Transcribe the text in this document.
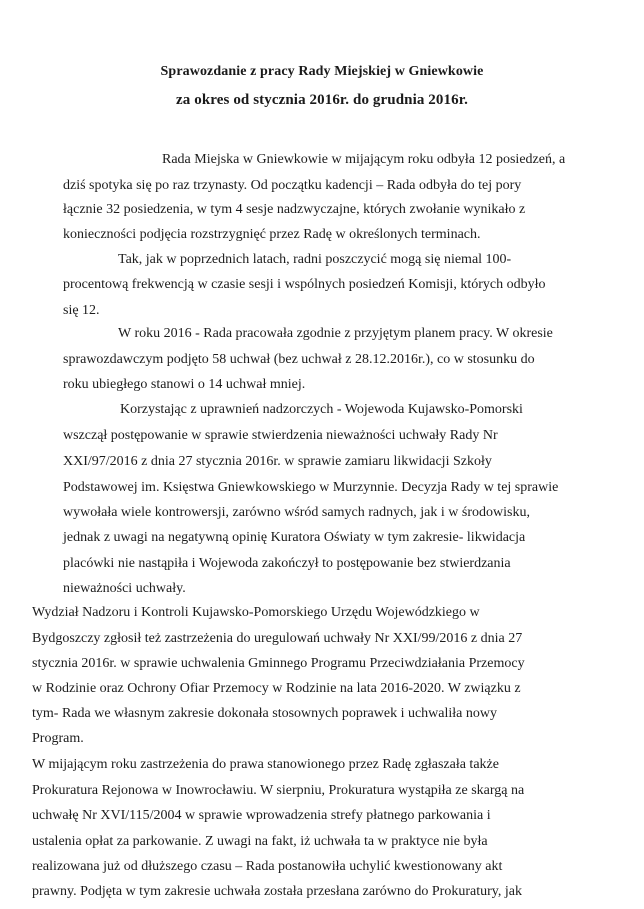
Sprawozdanie z pracy Rady Miejskiej w Gniewkowie
za okres od stycznia 2016r. do grudnia 2016r.
Rada Miejska w Gniewkowie w mijającym roku odbyła 12 posiedzeń, a
dziś spotyka się po raz trzynasty. Od początku kadencji – Rada odbyła do tej pory
łącznie 32 posiedzenia, w tym 4 sesje nadzwyczajne, których zwołanie wynikało z
konieczności podjęcia rozstrzygnięć przez Radę w określonych terminach.
Tak, jak w poprzednich latach, radni poszczycić mogą się niemal 100-
procentową frekwencją w czasie sesji i wspólnych posiedzeń Komisji, których odbyło
się 12.
W roku 2016 - Rada pracowała zgodnie z przyjętym planem pracy. W okresie
sprawozdawczym podjęto 58 uchwał (bez uchwał z 28.12.2016r.), co w stosunku do
roku ubiegłego stanowi o 14 uchwał mniej.
Korzystając z uprawnień nadzorczych - Wojewoda Kujawsko-Pomorski
wszczął postępowanie w sprawie stwierdzenia nieważności uchwały Rady Nr
XXI/97/2016 z dnia 27 stycznia 2016r. w sprawie zamiaru likwidacji Szkoły
Podstawowej im. Księstwa Gniewkowskiego w Murzynnie. Decyzja Rady w tej sprawie
wywołała wiele kontrowersji, zarówno wśród samych radnych, jak i w środowisku,
jednak z uwagi na negatywną opinię Kuratora Oświaty w tym zakresie- likwidacja
placówki nie nastąpiła i Wojewoda zakończył to postępowanie bez stwierdzania
nieważności uchwały.
Wydział Nadzoru i Kontroli Kujawsko-Pomorskiego Urzędu Wojewódzkiego w
Bydgoszczy zgłosił też zastrzeżenia do uregulowań uchwały Nr XXI/99/2016 z dnia 27
stycznia 2016r. w sprawie uchwalenia Gminnego Programu Przeciwdziałania Przemocy
w Rodzinie oraz Ochrony Ofiar Przemocy w Rodzinie na lata 2016-2020. W związku z
tym- Rada we własnym zakresie dokonała stosownych poprawek i uchwaliła nowy
Program.
W mijającym roku zastrzeżenia do prawa stanowionego przez Radę zgłaszała także
Prokuratura Rejonowa w Inowrocławiu. W sierpniu, Prokuratura wystąpiła ze skargą na
uchwałę Nr XVI/115/2004 w sprawie wprowadzenia strefy płatnego parkowania i
ustalenia opłat za parkowanie. Z uwagi na fakt, iż uchwała ta w praktyce nie była
realizowana już od dłuższego czasu – Rada postanowiła uchylić kwestionowany akt
prawny. Podjęta w tym zakresie uchwała została przesłana zarówno do Prokuratury, jak
